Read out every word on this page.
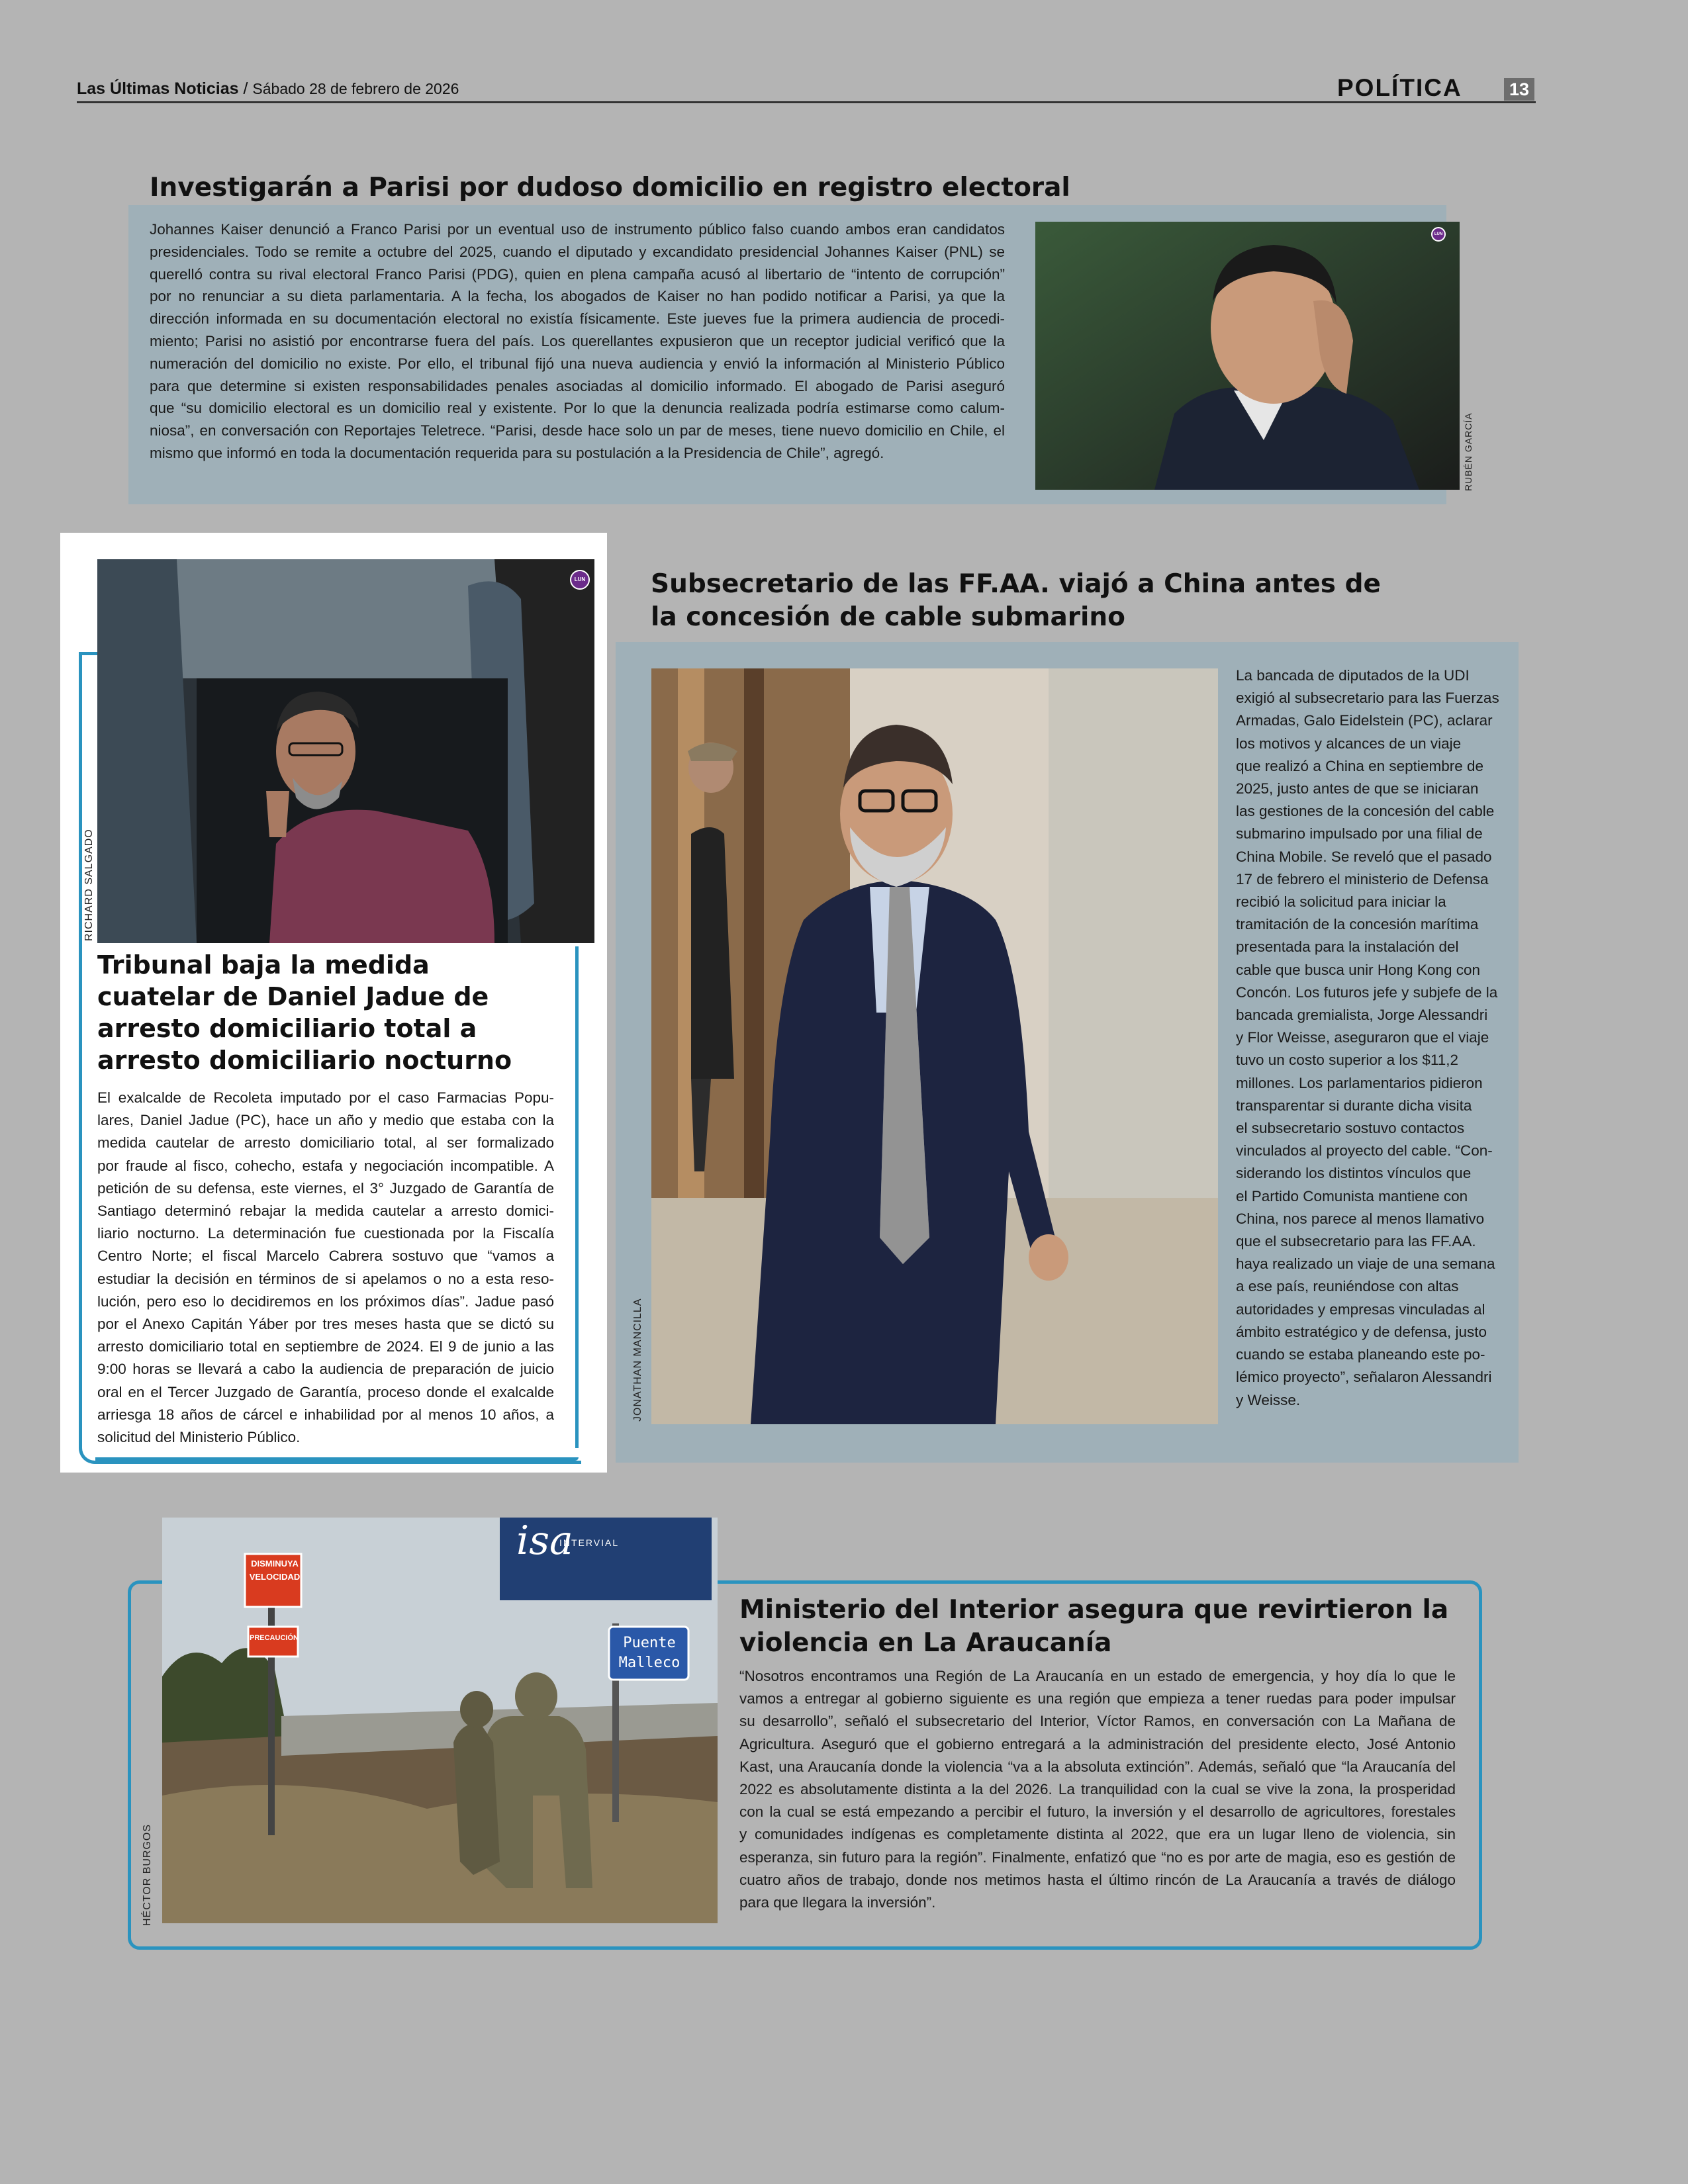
Las Últimas Noticias / Sábado 28 de febrero de 2026	POLÍTICA	13
Investigarán a Parisi por dudoso domicilio en registro electoral
Johannes Kaiser denunció a Franco Parisi por un eventual uso de instrumento público falso cuando ambos eran candidatos
presidenciales. Todo se remite a octubre del 2025, cuando el diputado y excandidato presidencial Johannes Kaiser (PNL) se
querelló contra su rival electoral Franco Parisi (PDG), quien en plena campaña acusó al libertario de “intento de corrupción”
por no renunciar a su dieta parlamentaria. A la fecha, los abogados de Kaiser no han podido notificar a Parisi, ya que la
dirección informada en su documentación electoral no existía físicamente. Este jueves fue la primera audiencia de procedi-
miento; Parisi no asistió por encontrarse fuera del país. Los querellantes expusieron que un receptor judicial verificó que la
numeración del domicilio no existe. Por ello, el tribunal fijó una nueva audiencia y envió la información al Ministerio Público
para que determine si existen responsabilidades penales asociadas al domicilio informado. El abogado de Parisi aseguró
que “su domicilio electoral es un domicilio real y existente. Por lo que la denuncia realizada podría estimarse como calum-
niosa”, en conversación con Reportajes Teletrece. “Parisi, desde hace solo un par de meses, tiene nuevo domicilio en Chile, el
mismo que informó en toda la documentación requerida para su postulación a la Presidencia de Chile”, agregó.
LUN
RUBÉN GARCÍA
LUN
RICHARD SALGADO
Tribunal baja la medida
cuatelar de Daniel Jadue de
arresto domiciliario total a
arresto domiciliario nocturno
El exalcalde de Recoleta imputado por el caso Farmacias Popu-
lares, Daniel Jadue (PC), hace un año y medio que estaba con la
medida cautelar de arresto domiciliario total, al ser formalizado
por fraude al fisco, cohecho, estafa y negociación incompatible. A
petición de su defensa, este viernes, el 3° Juzgado de Garantía de
Santiago determinó rebajar la medida cautelar a arresto domici-
liario nocturno. La determinación fue cuestionada por la Fiscalía
Centro Norte; el fiscal Marcelo Cabrera sostuvo que “vamos a
estudiar la decisión en términos de si apelamos o no a esta reso-
lución, pero eso lo decidiremos en los próximos días”. Jadue pasó
por el Anexo Capitán Yáber por tres meses hasta que se dictó su
arresto domiciliario total en septiembre de 2024. El 9 de junio a las
9:00 horas se llevará a cabo la audiencia de preparación de juicio
oral en el Tercer Juzgado de Garantía, proceso donde el exalcalde
arriesga 18 años de cárcel e inhabilidad por al menos 10 años, a
solicitud del Ministerio Público.
Subsecretario de las FF.AA. viajó a China antes de
la concesión de cable submarino
JONATHAN MANCILLA
La bancada de diputados de la UDI
exigió al subsecretario para las Fuerzas
Armadas, Galo Eidelstein (PC), aclarar
los motivos y alcances de un viaje
que realizó a China en septiembre de
2025, justo antes de que se iniciaran
las gestiones de la concesión del cable
submarino impulsado por una filial de
China Mobile. Se reveló que el pasado
17 de febrero el ministerio de Defensa
recibió la solicitud para iniciar la
tramitación de la concesión marítima
presentada para la instalación del
cable que busca unir Hong Kong con
Concón. Los futuros jefe y subjefe de la
bancada gremialista, Jorge Alessandri
y Flor Weisse, aseguraron que el viaje
tuvo un costo superior a los $11,2
millones. Los parlamentarios pidieron
transparentar si durante dicha visita
el subsecretario sostuvo contactos
vinculados al proyecto del cable. “Con-
siderando los distintos vínculos que
el Partido Comunista mantiene con
China, nos parece al menos llamativo
que el subsecretario para las FF.AA.
haya realizado un viaje de una semana
a ese país, reuniéndose con altas
autoridades y empresas vinculadas al
ámbito estratégico y de defensa, justo
cuando se estaba planeando este po-
lémico proyecto”, señalaron Alessandri
y Weisse.
DISMINUYA
VELOCIDAD
PRECAUCIÓN	Puente
Malleco
isa
INTERVIAL
HÉCTOR BURGOS
Ministerio del Interior asegura que revirtieron la
violencia en La Araucanía
“Nosotros encontramos una Región de La Araucanía en un estado de emergencia, y hoy día lo que le
vamos a entregar al gobierno siguiente es una región que empieza a tener ruedas para poder impulsar
su desarrollo”, señaló el subsecretario del Interior, Víctor Ramos, en conversación con La Mañana de
Agricultura. Aseguró que el gobierno entregará a la administración del presidente electo, José Antonio
Kast, una Araucanía donde la violencia “va a la absoluta extinción”. Además, señaló que “la Araucanía del
2022 es absolutamente distinta a la del 2026. La tranquilidad con la cual se vive la zona, la prosperidad
con la cual se está empezando a percibir el futuro, la inversión y el desarrollo de agricultores, forestales
y comunidades indígenas es completamente distinta al 2022, que era un lugar lleno de violencia, sin
esperanza, sin futuro para la región”. Finalmente, enfatizó que “no es por arte de magia, eso es gestión de
cuatro años de trabajo, donde nos metimos hasta el último rincón de La Araucanía a través de diálogo
para que llegara la inversión”.
